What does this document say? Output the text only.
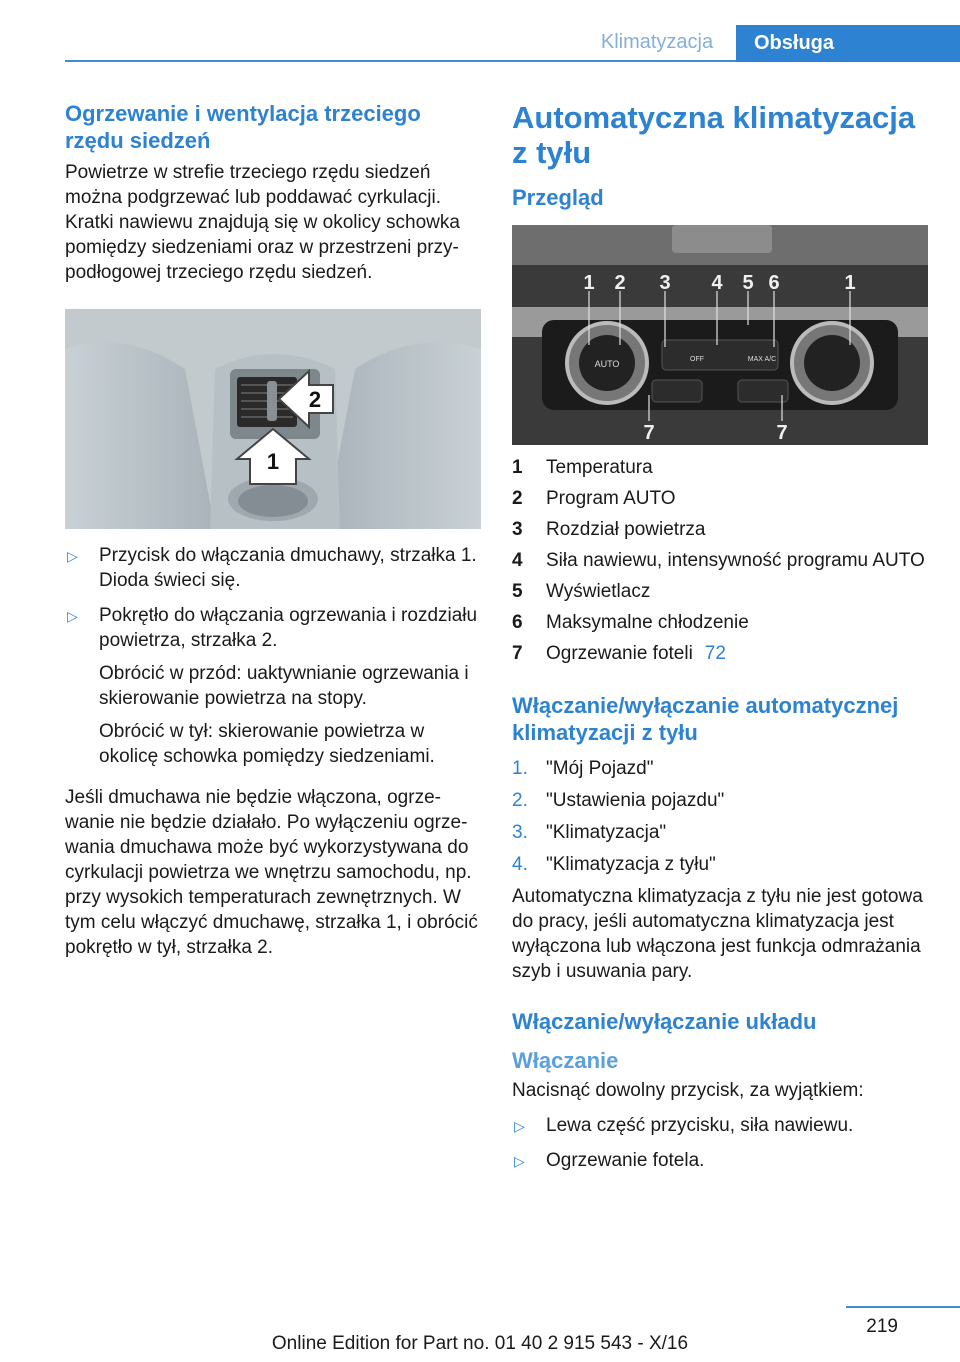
Klimatyzacja	Obsługa
Ogrzewanie i wentylacja trzeciego rzędu siedzeń

Powietrze w strefie trzeciego rzędu siedzeń można podgrzewać lub poddawać cyrkulacji. Kratki nawiewu znajdują się w okolicy schowka pomiędzy siedzeniami oraz w przestrzeni przypodłogowej trzeciego rzędu siedzeń.

1
2
▷ Przycisk do włączania dmuchawy, strzałka 1. Dioda świeci się.
▷ Pokrętło do włączania ogrzewania i rozdziału powietrza, strzałka 2.

Obrócić w przód: uaktywnianie ogrzewania i skierowanie powietrza na stopy.

Obrócić w tył: skierowanie powietrza w okolicę schowka pomiędzy siedzeniami.

Jeśli dmuchawa nie będzie włączona, ogrzewanie nie będzie działało. Po wyłączeniu ogrzewania dmuchawa może być wykorzystywana do cyrkulacji powietrza we wnętrzu samochodu, np. przy wysokich temperaturach zewnętrznych. W tym celu włączyć dmuchawę, strzałka 1, i obrócić pokrętło w tył, strzałka 2.

Automatyczna klimatyzacja z tyłu
Przegląd
AUTO	OFF	MAX A/C
1 2 3 4 5 6	1
7	7
1 Temperatura
2 Program AUTO
3 Rozdział powietrza
4 Siła nawiewu, intensywność programu AUTO
5 Wyświetlacz
6 Maksymalne chłodzenie
7 Ogrzewanie foteli 72
Włączanie/wyłączanie automatycznej klimatyzacji z tyłu
1. "Mój Pojazd"
2. "Ustawienia pojazdu"
3. "Klimatyzacja"
4. "Klimatyzacja z tyłu"

Automatyczna klimatyzacja z tyłu nie jest gotowa do pracy, jeśli automatyczna klimatyzacja jest wyłączona lub włączona jest funkcja odmrażania szyb i usuwania pary.

Włączanie/wyłączanie układu
Włączanie

Nacisnąć dowolny przycisk, za wyjątkiem:

▷ Lewa część przycisku, siła nawiewu.
▷ Ogrzewanie fotela.
219
Online Edition for Part no. 01 40 2 915 543 - X/16
